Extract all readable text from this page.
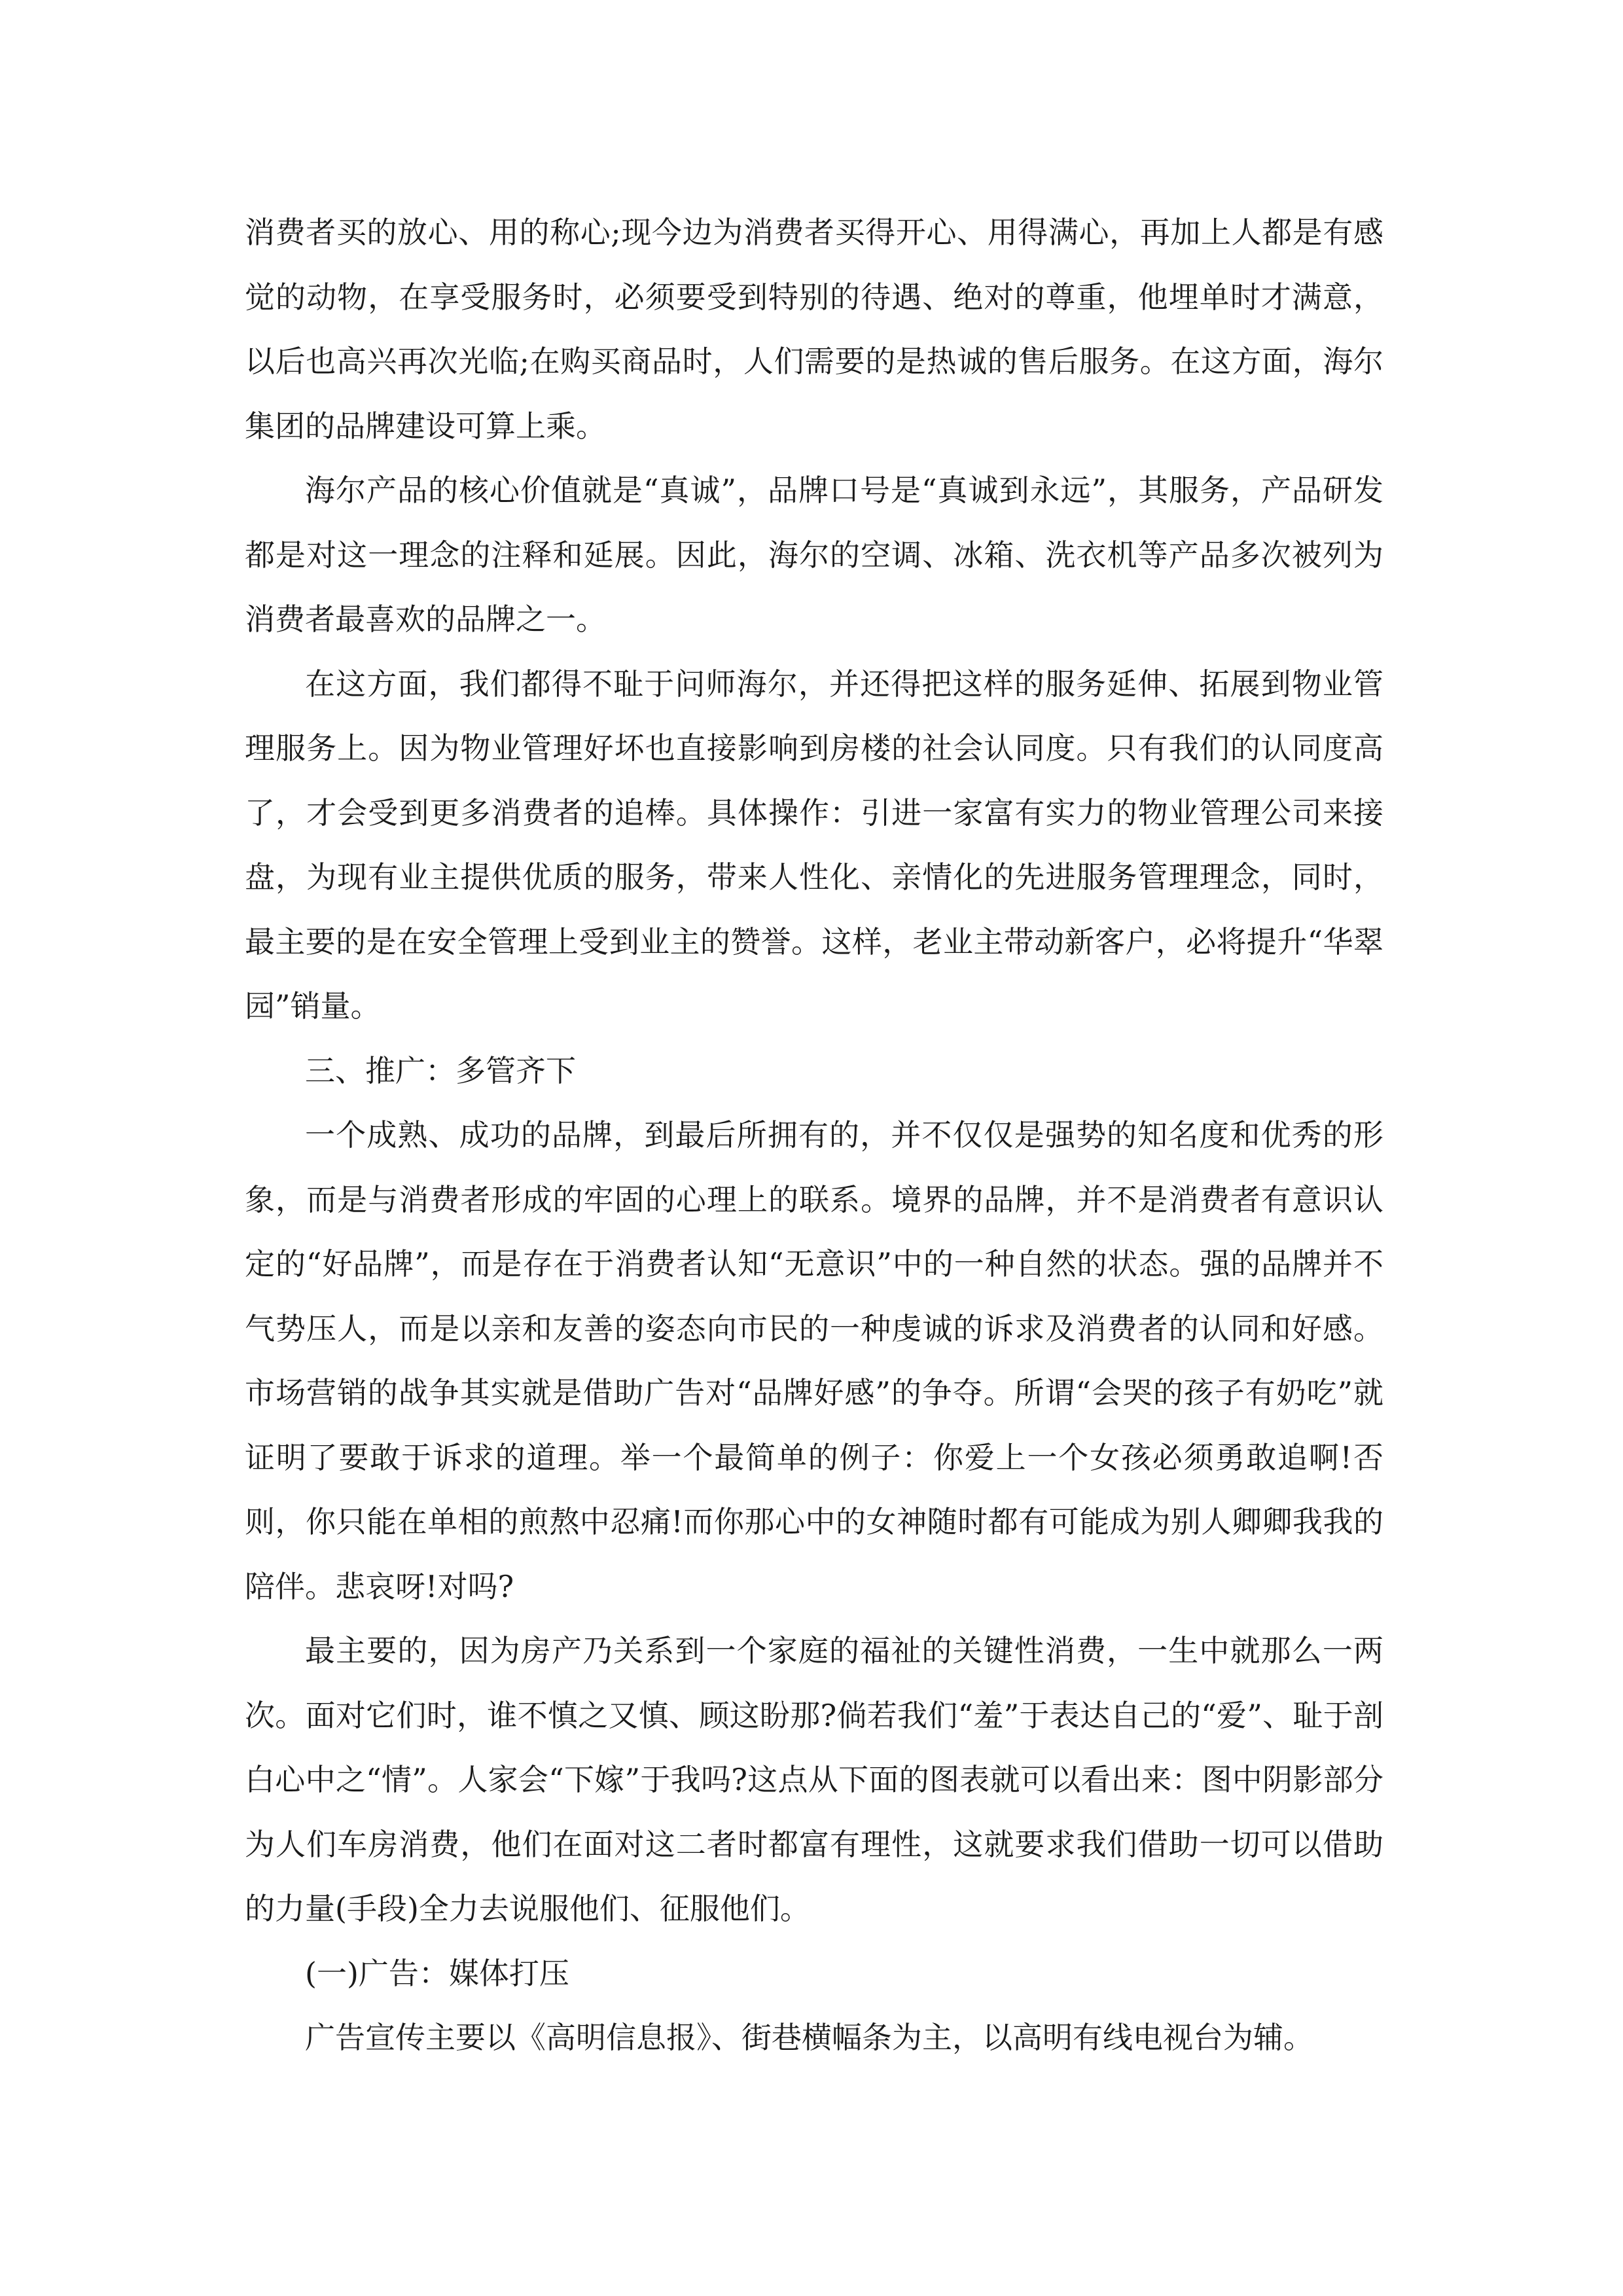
消费者买的放心、用的称心;现今边为消费者买得开心、用得满心，再加上人都是有感觉的动物，在享受服务时，必须要受到特别的待遇、绝对的尊重，他埋单时才满意，以后也高兴再次光临;在购买商品时，人们需要的是热诚的售后服务。在这方面，海尔集团的品牌建设可算上乘。

海尔产品的核心价值就是“真诚”，品牌口号是“真诚到永远”，其服务，产品研发都是对这一理念的注释和延展。因此，海尔的空调、冰箱、洗衣机等产品多次被列为消费者最喜欢的品牌之一。

在这方面，我们都得不耻于问师海尔，并还得把这样的服务延伸、拓展到物业管理服务上。因为物业管理好坏也直接影响到房楼的社会认同度。只有我们的认同度高了，才会受到更多消费者的追棒。具体操作：引进一家富有实力的物业管理公司来接盘，为现有业主提供优质的服务，带来人性化、亲情化的先进服务管理理念，同时，最主要的是在安全管理上受到业主的赞誉。这样，老业主带动新客户，必将提升“华翠园”销量。

三、推广：多管齐下

一个成熟、成功的品牌，到最后所拥有的，并不仅仅是强势的知名度和优秀的形象，而是与消费者形成的牢固的心理上的联系。境界的品牌，并不是消费者有意识认定的“好品牌”，而是存在于消费者认知“无意识”中的一种自然的状态。强的品牌并不气势压人，而是以亲和友善的姿态向市民的一种虔诚的诉求及消费者的认同和好感。市场营销的战争其实就是借助广告对“品牌好感”的争夺。所谓“会哭的孩子有奶吃”就证明了要敢于诉求的道理。举一个最简单的例子：你爱上一个女孩必须勇敢追啊!否则，你只能在单相的煎熬中忍痛!而你那心中的女神随时都有可能成为别人卿卿我我的陪伴。悲哀呀!对吗?

最主要的，因为房产乃关系到一个家庭的福祉的关键性消费，一生中就那么一两次。面对它们时，谁不慎之又慎、顾这盼那?倘若我们“羞”于表达自己的“爱”、耻于剖白心中之“情”。人家会“下嫁”于我吗?这点从下面的图表就可以看出来：图中阴影部分为人们车房消费，他们在面对这二者时都富有理性，这就要求我们借助一切可以借助的力量(手段)全力去说服他们、征服他们。

(一)广告：媒体打压

广告宣传主要以《高明信息报》、街巷横幅条为主，以高明有线电视台为辅。
